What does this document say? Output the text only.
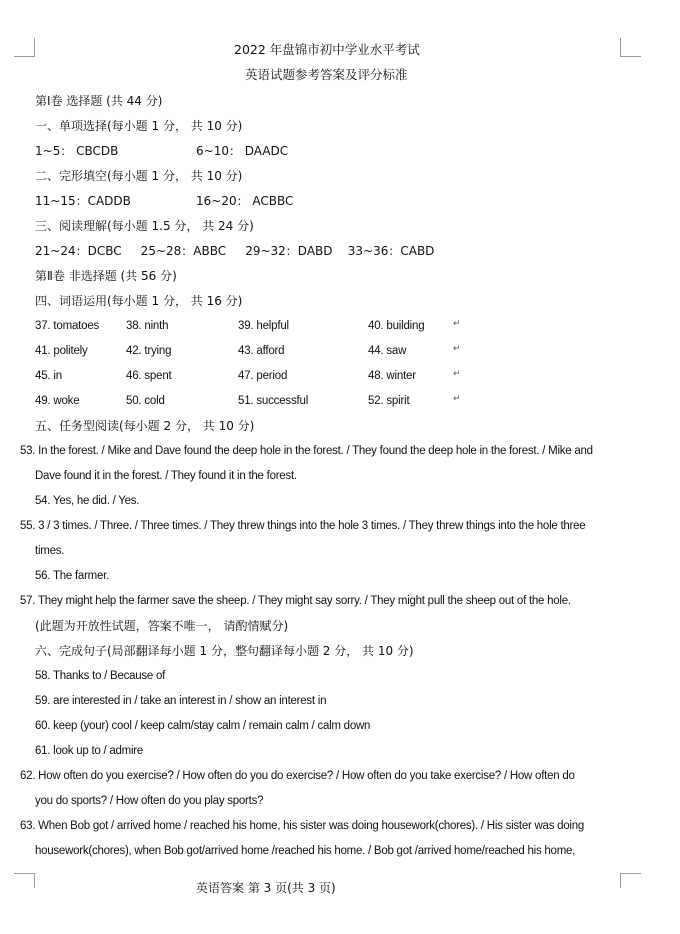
2022 年盘锦市初中学业水平考试
英语试题参考答案及评分标准
第Ⅰ卷 选择题 (共 44 分)
一、单项选择(每小题 1 分， 共 10 分)
1~5： CBCDB	6~10： DAADC
二、完形填空(每小题 1 分， 共 10 分)
11~15：CADDB	16~20： ACBBC
三、阅读理解(每小题 1.5 分， 共 24 分)
21~24：DCBC     25~28：ABBC     29~32：DABD    33~36：CABD
第Ⅱ卷 非选择题 (共 56 分)
四、词语运用(每小题 1 分， 共 16 分)
37. tomatoes 38. ninth	39. helpful	40. building	↵
41. politely	42. trying	43. afford	44. saw	↵
45. in	46. spent	47. period	48. winter	↵
49. woke	50. cold	51. successful	52. spirit	↵
五、任务型阅读(每小题 2 分， 共 10 分)
53. In the forest. / Mike and Dave found the deep hole in the forest. / They found the deep hole in the forest. / Mike and
Dave found it in the forest. / They found it in the forest.
54. Yes, he did. / Yes.
55. 3 / 3 times. / Three. / Three times. / They threw things into the hole 3 times. / They threw things into the hole three
times.
56. The farmer.
57. They might help the farmer save the sheep. / They might say sorry. / They might pull the sheep out of the hole.
(此题为开放性试题，答案不唯一， 请酌情赋分)
六、完成句子(局部翻译每小题 1 分，整句翻译每小题 2 分， 共 10 分)
58. Thanks to / Because of
59. are interested in / take an interest in / show an interest in
60. keep (your) cool / keep calm/stay calm / remain calm / calm down
61. look up to / admire
62. How often do you exercise? / How often do you do exercise? / How often do you take exercise? / How often do
you do sports? / How often do you play sports?
63. When Bob got / arrived home / reached his home, his sister was doing housework(chores). / His sister was doing
housework(chores), when Bob got/arrived home /reached his home. / Bob got /arrived home/reached his home,
英语答案 第 3 页(共 3 页)
